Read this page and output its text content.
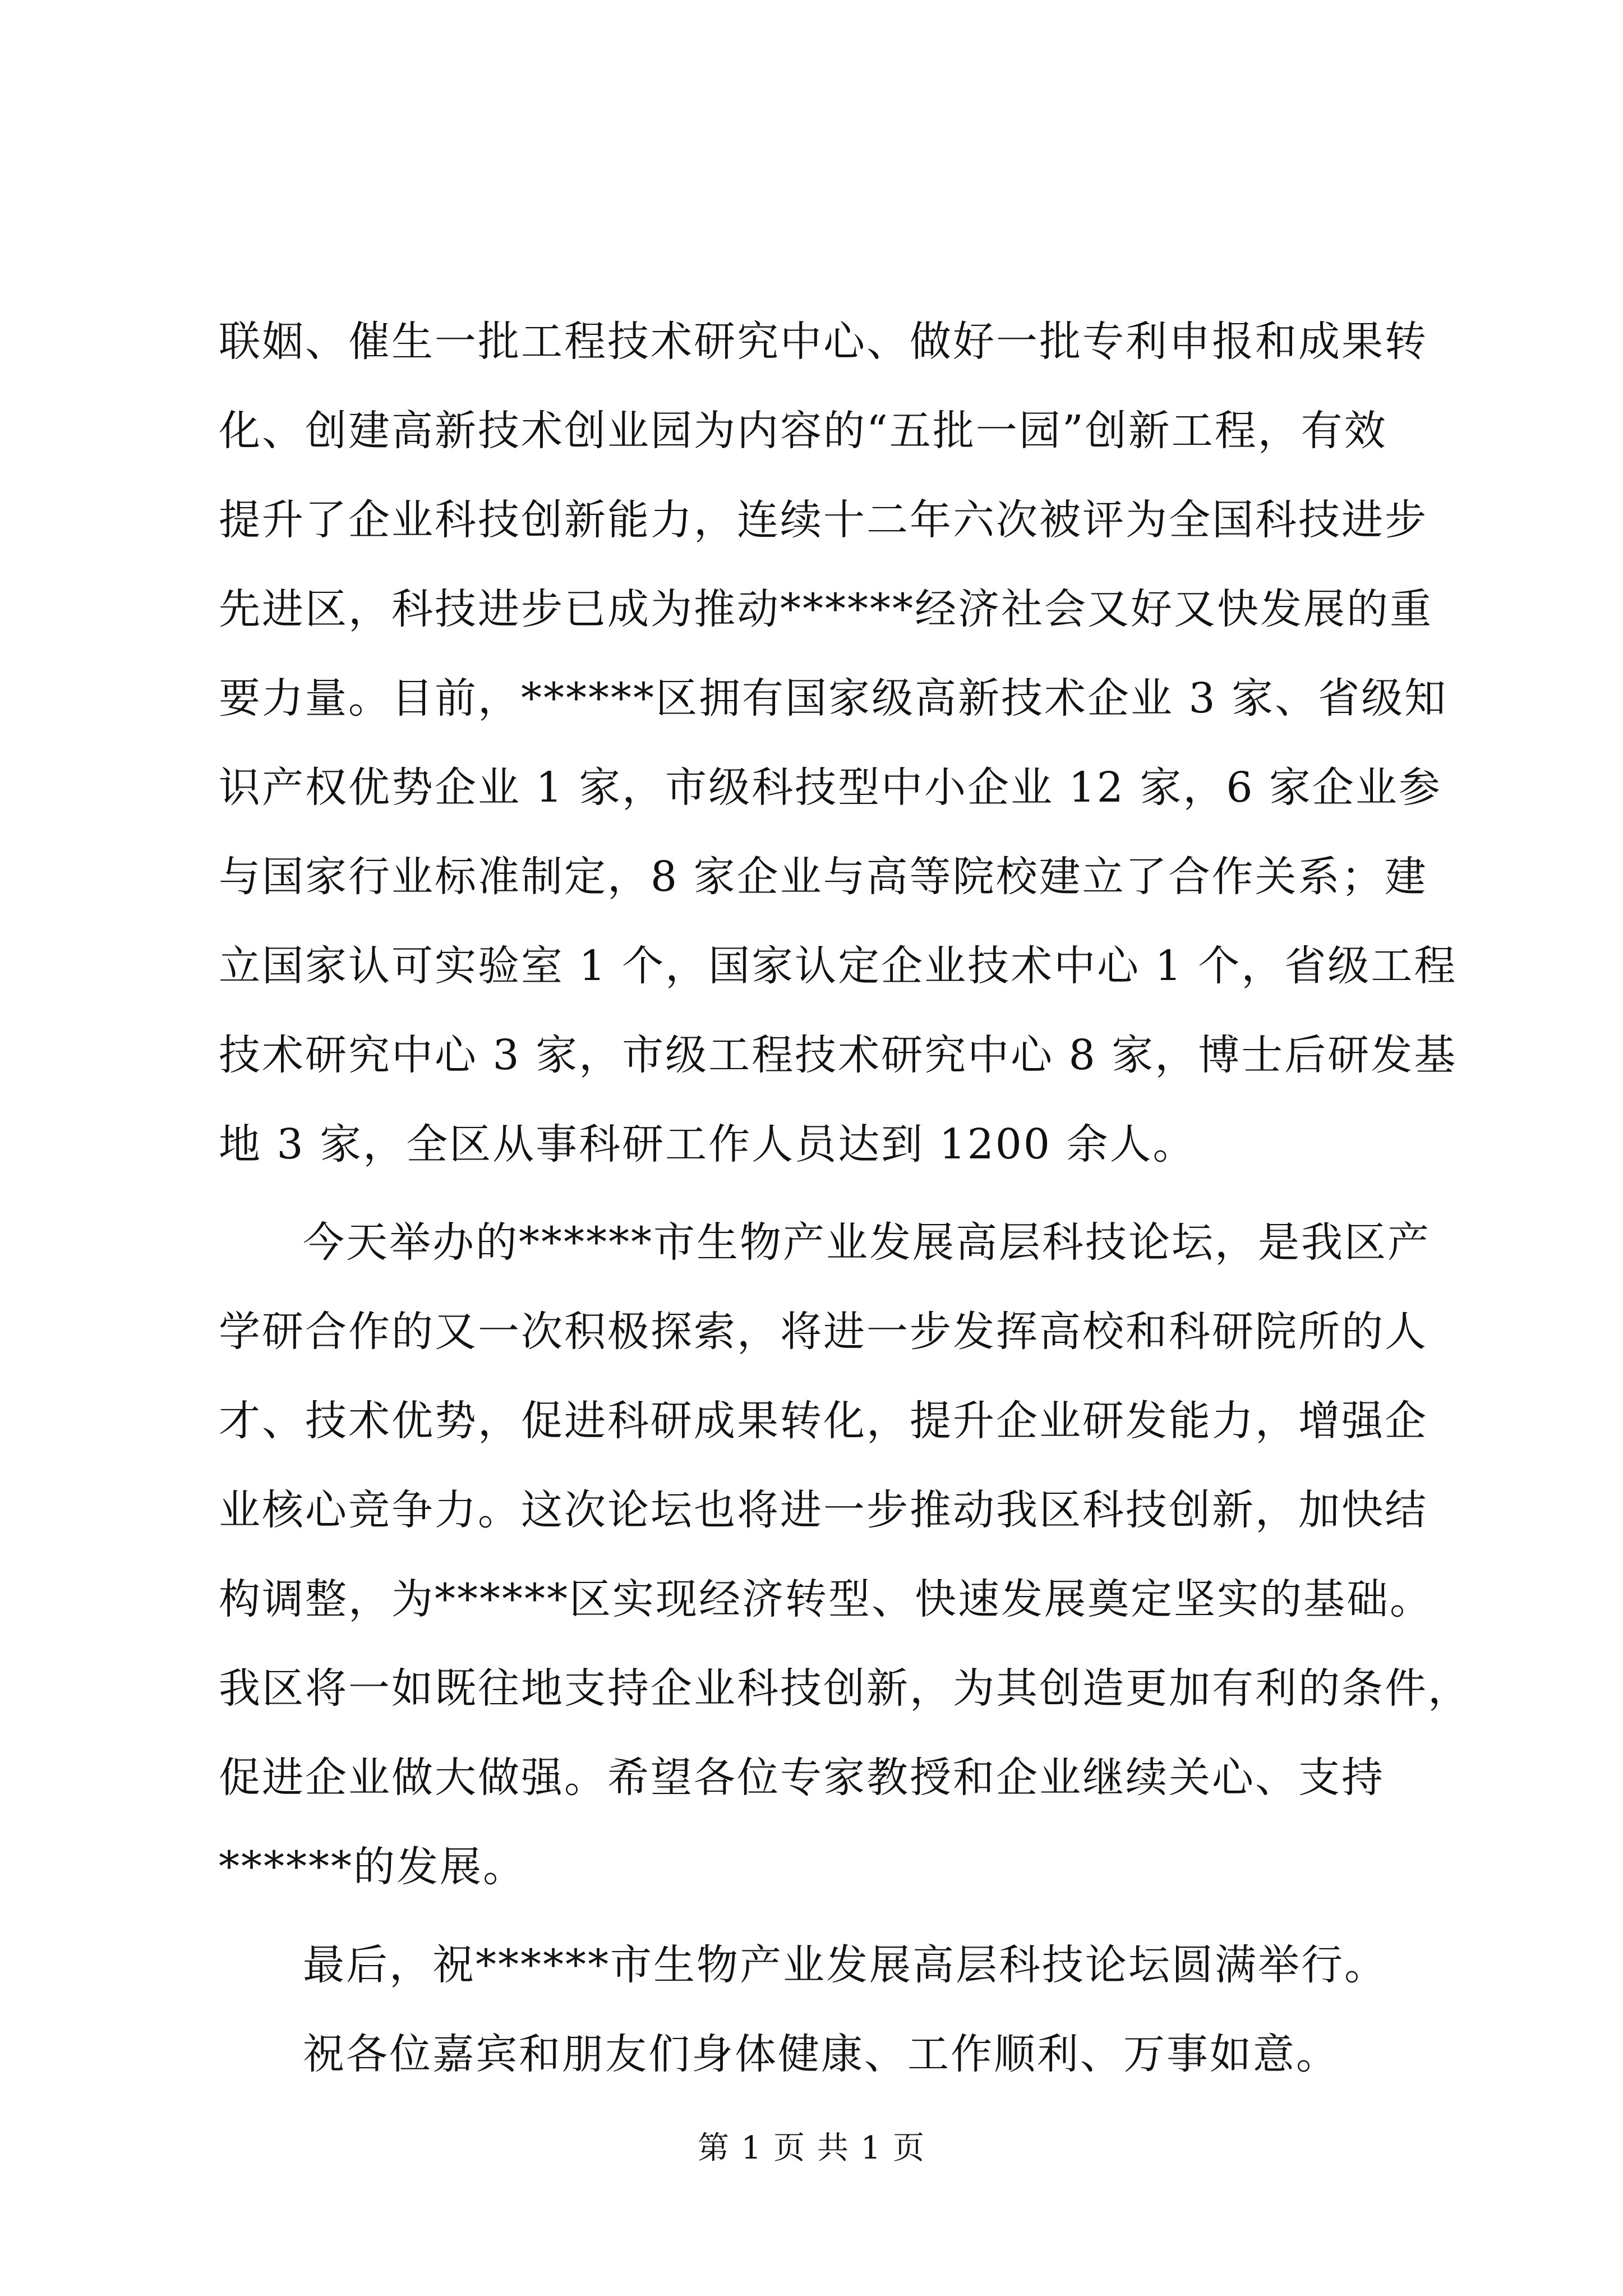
联姻、催生一批工程技术研究中心、做好一批专利申报和成果转
化、创建高新技术创业园为内容的“五批一园”创新工程，有效
提升了企业科技创新能力，连续十二年六次被评为全国科技进步
先进区，科技进步已成为推动******经济社会又好又快发展的重
要力量。目前，******区拥有国家级高新技术企业 3 家、省级知
识产权优势企业 1 家，市级科技型中小企业 12 家，6 家企业参
与国家行业标准制定，8 家企业与高等院校建立了合作关系；建
立国家认可实验室 1 个，国家认定企业技术中心 1 个，省级工程
技术研究中心 3 家，市级工程技术研究中心 8 家，博士后研发基
地 3 家，全区从事科研工作人员达到 1200 余人。
今天举办的******市生物产业发展高层科技论坛，是我区产
学研合作的又一次积极探索，将进一步发挥高校和科研院所的人
才、技术优势，促进科研成果转化，提升企业研发能力，增强企
业核心竞争力。这次论坛也将进一步推动我区科技创新，加快结
构调整，为******区实现经济转型、快速发展奠定坚实的基础。
我区将一如既往地支持企业科技创新，为其创造更加有利的条件，
促进企业做大做强。希望各位专家教授和企业继续关心、支持
******的发展。
最后，祝******市生物产业发展高层科技论坛圆满举行。
祝各位嘉宾和朋友们身体健康、工作顺利、万事如意。
第 1 页 共 1 页
